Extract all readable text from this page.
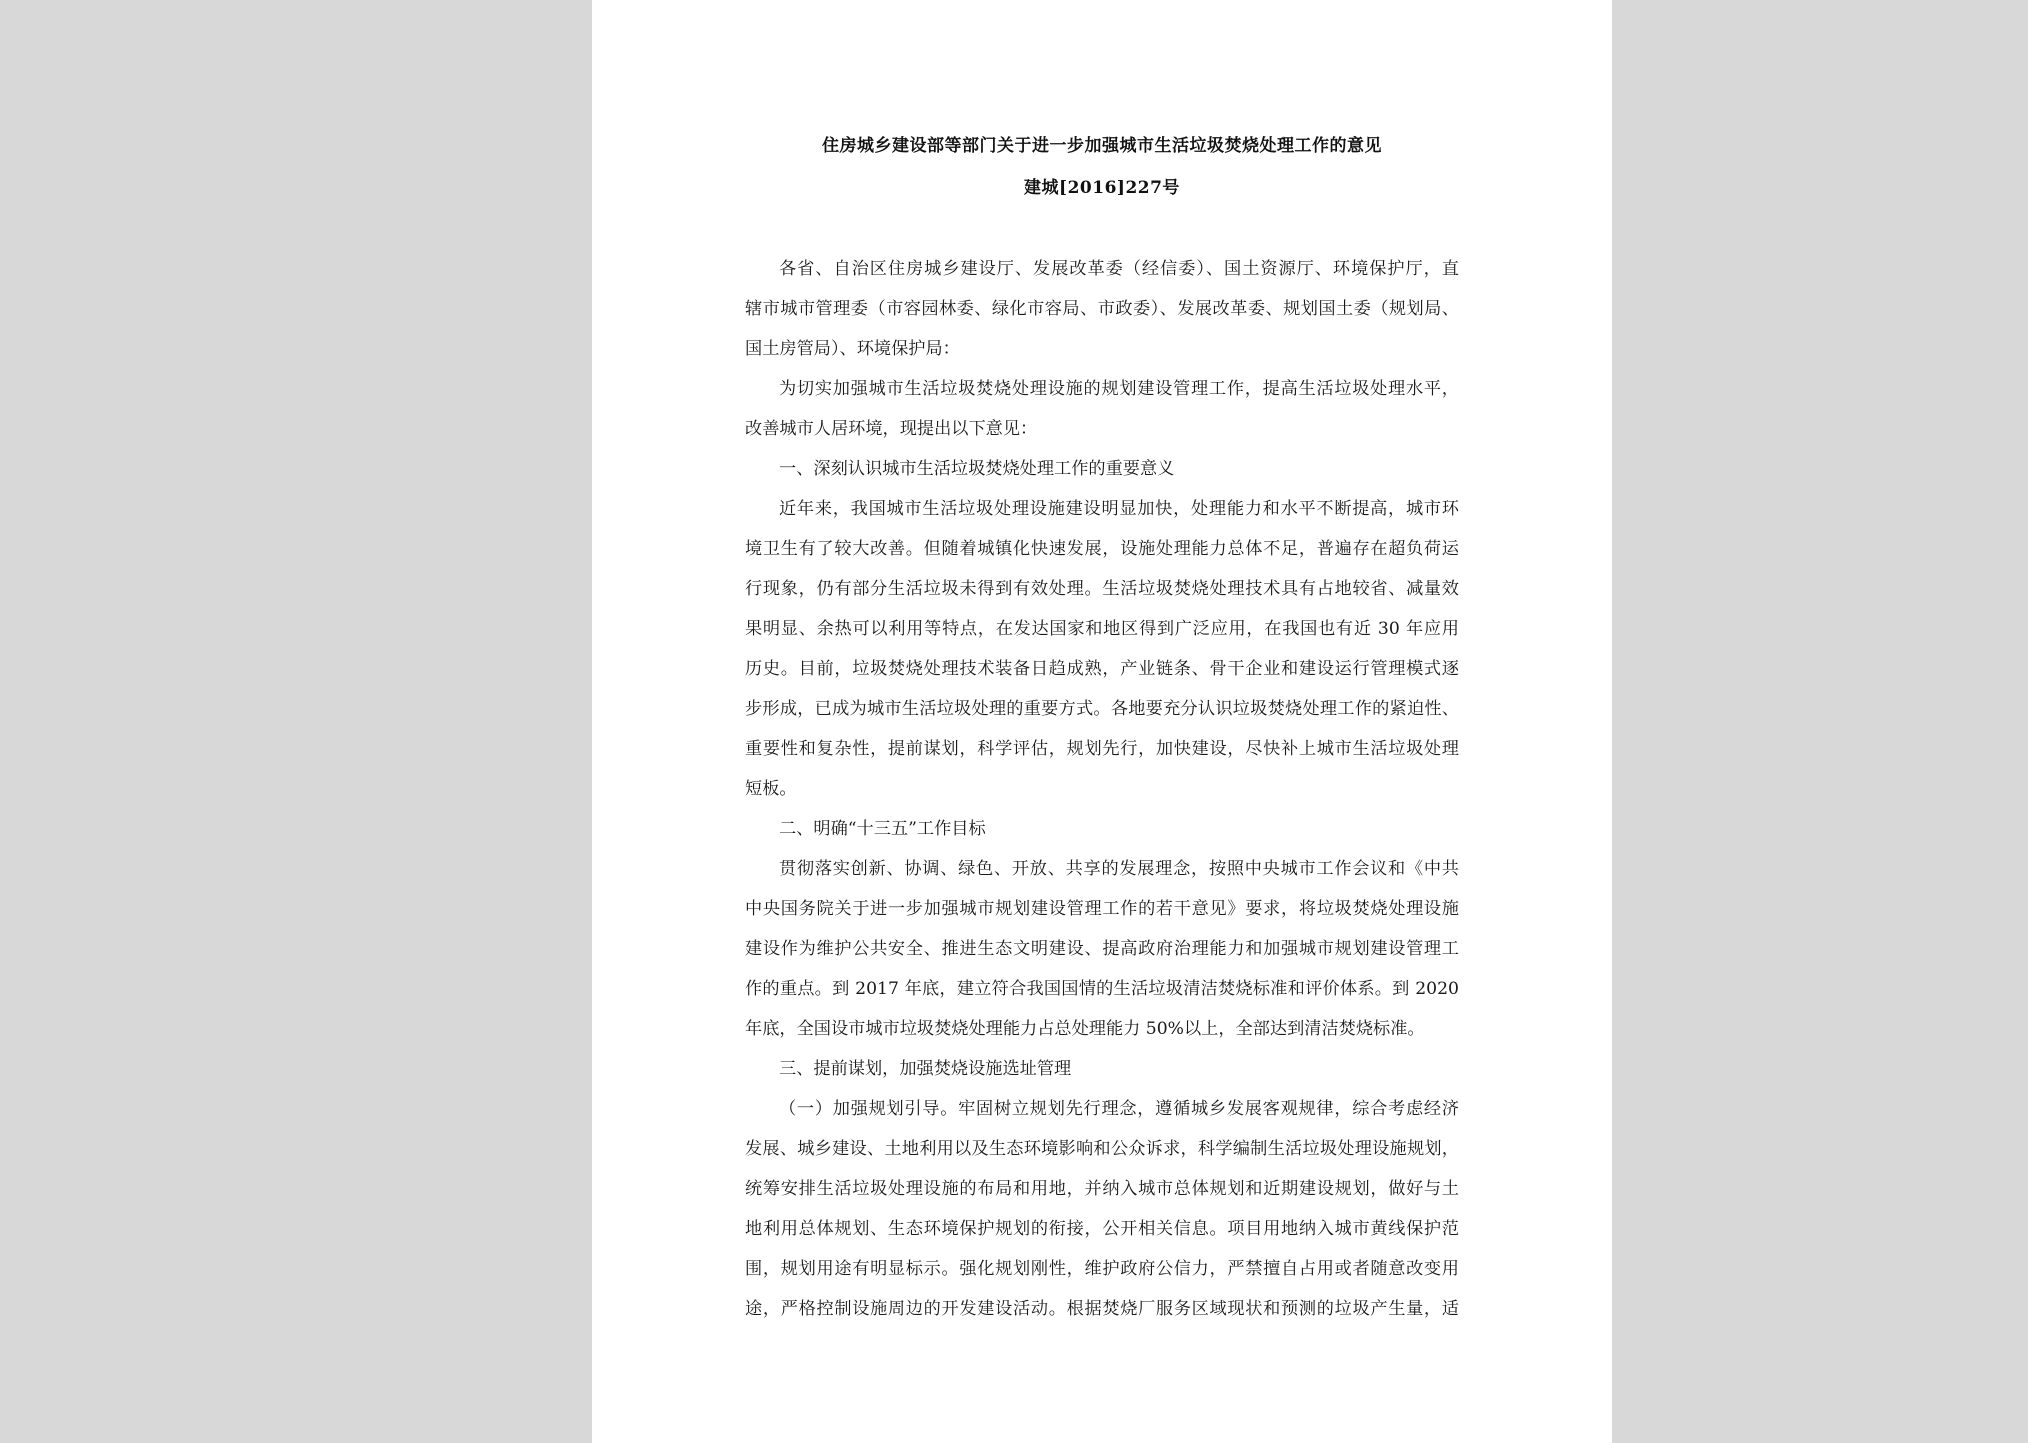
住房城乡建设部等部门关于进一步加强城市生活垃圾焚烧处理工作的意见
建城[2016]227号
各省、自治区住房城乡建设厅、发展改革委（经信委）、国土资源厅、环境保护厅，直
辖市城市管理委（市容园林委、绿化市容局、市政委）、发展改革委、规划国土委（规划局、
国土房管局）、环境保护局：
为切实加强城市生活垃圾焚烧处理设施的规划建设管理工作，提高生活垃圾处理水平，
改善城市人居环境，现提出以下意见：
一、深刻认识城市生活垃圾焚烧处理工作的重要意义
近年来，我国城市生活垃圾处理设施建设明显加快，处理能力和水平不断提高，城市环
境卫生有了较大改善。但随着城镇化快速发展，设施处理能力总体不足，普遍存在超负荷运
行现象，仍有部分生活垃圾未得到有效处理。生活垃圾焚烧处理技术具有占地较省、减量效
果明显、余热可以利用等特点，在发达国家和地区得到广泛应用，在我国也有近 30 年应用
历史。目前，垃圾焚烧处理技术装备日趋成熟，产业链条、骨干企业和建设运行管理模式逐
步形成，已成为城市生活垃圾处理的重要方式。各地要充分认识垃圾焚烧处理工作的紧迫性、
重要性和复杂性，提前谋划，科学评估，规划先行，加快建设，尽快补上城市生活垃圾处理
短板。
二、明确“十三五”工作目标
贯彻落实创新、协调、绿色、开放、共享的发展理念，按照中央城市工作会议和《中共
中央国务院关于进一步加强城市规划建设管理工作的若干意见》要求，将垃圾焚烧处理设施
建设作为维护公共安全、推进生态文明建设、提高政府治理能力和加强城市规划建设管理工
作的重点。到 2017 年底，建立符合我国国情的生活垃圾清洁焚烧标准和评价体系。到 2020
年底，全国设市城市垃圾焚烧处理能力占总处理能力 50%以上，全部达到清洁焚烧标准。
三、提前谋划，加强焚烧设施选址管理
（一）加强规划引导。牢固树立规划先行理念，遵循城乡发展客观规律，综合考虑经济
发展、城乡建设、土地利用以及生态环境影响和公众诉求，科学编制生活垃圾处理设施规划，
统筹安排生活垃圾处理设施的布局和用地，并纳入城市总体规划和近期建设规划，做好与土
地利用总体规划、生态环境保护规划的衔接，公开相关信息。项目用地纳入城市黄线保护范
围，规划用途有明显标示。强化规划刚性，维护政府公信力，严禁擅自占用或者随意改变用
途，严格控制设施周边的开发建设活动。根据焚烧厂服务区域现状和预测的垃圾产生量，适
